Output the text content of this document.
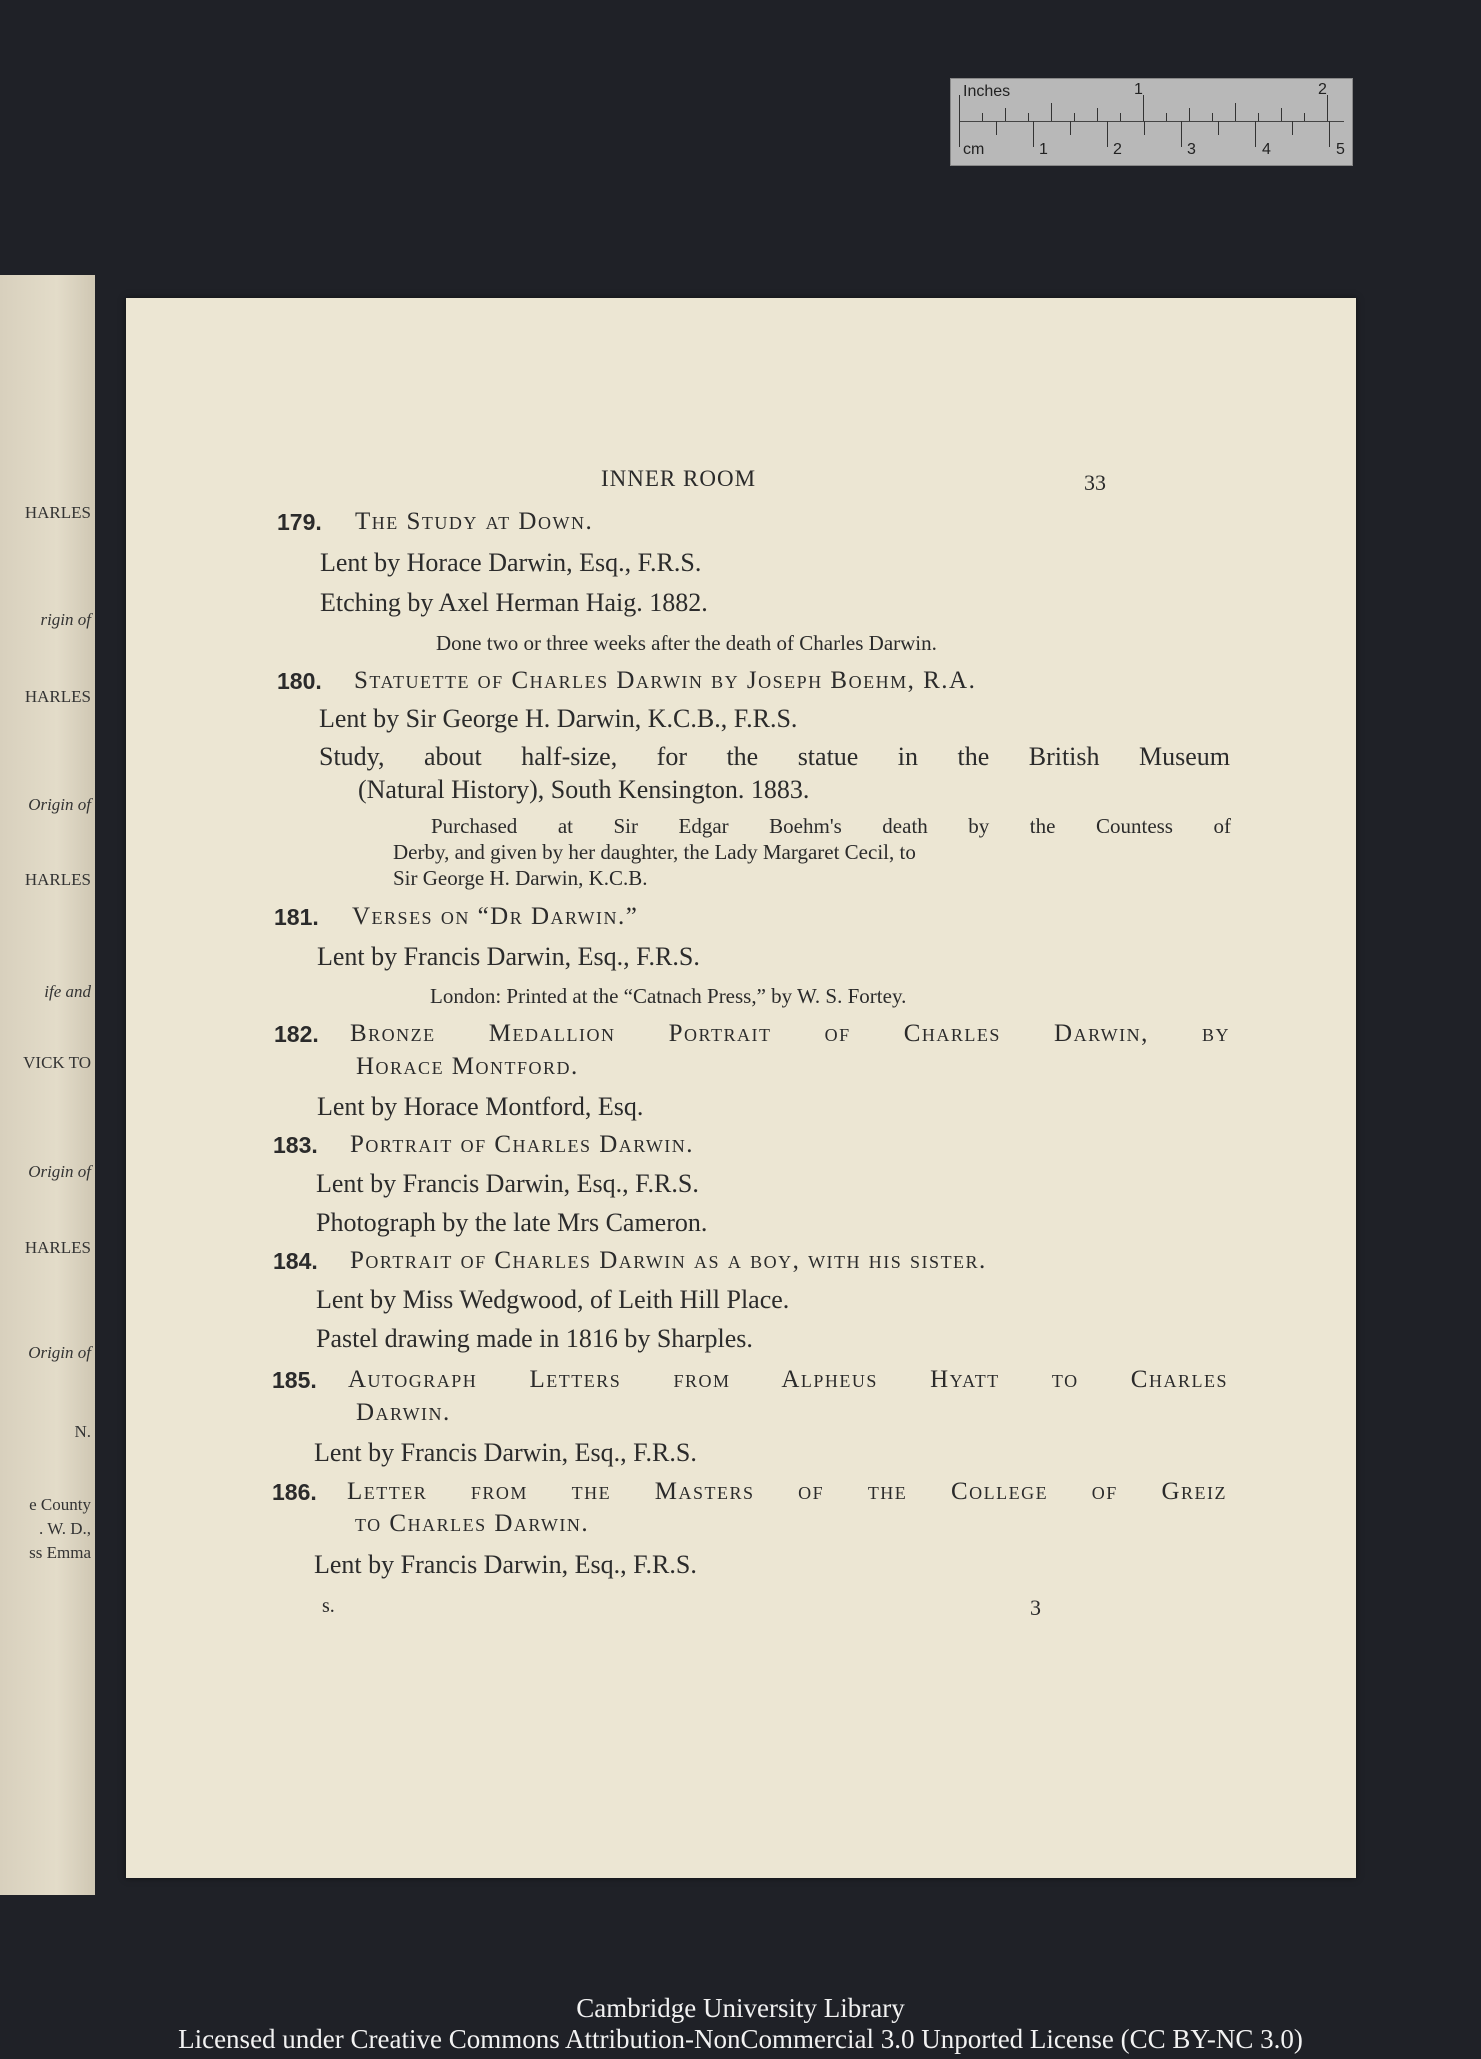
Inches	1	2
cm	1	2	3	4	5
HARLES
rigin of
HARLES
Origin of
HARLES
ife and
VICK TO
Origin of
HARLES
Origin of
N.
e County
. W. D.,
ss Emma
INNER ROOM	33
179. The Study at Down.
Lent by Horace Darwin, Esq., F.R.S.
Etching by Axel Herman Haig. 1882.
Done two or three weeks after the death of Charles Darwin.
180. Statuette of Charles Darwin by Joseph Boehm, R.A.
Lent by Sir George H. Darwin, K.C.B., F.R.S.
Study, about half-size, for the statue in the British Museum
(Natural History), South Kensington. 1883.
Purchased at Sir Edgar Boehm's death by the Countess of
Derby, and given by her daughter, the Lady Margaret Cecil, to
Sir George H. Darwin, K.C.B.
181. Verses on “Dr Darwin.”
Lent by Francis Darwin, Esq., F.R.S.
London: Printed at the “Catnach Press,” by W. S. Fortey.
182. Bronze Medallion Portrait of Charles Darwin, by
Horace Montford.
Lent by Horace Montford, Esq.
183. Portrait of Charles Darwin.
Lent by Francis Darwin, Esq., F.R.S.
Photograph by the late Mrs Cameron.
184. Portrait of Charles Darwin as a boy, with his sister.
Lent by Miss Wedgwood, of Leith Hill Place.
Pastel drawing made in 1816 by Sharples.
185. Autograph Letters from Alpheus Hyatt to Charles
Darwin.
Lent by Francis Darwin, Esq., F.R.S.
186. Letter from the Masters of the College of Greiz
to Charles Darwin.
Lent by Francis Darwin, Esq., F.R.S.
s.	3
Cambridge University Library
Licensed under Creative Commons Attribution-NonCommercial 3.0 Unported License (CC BY-NC 3.0)
